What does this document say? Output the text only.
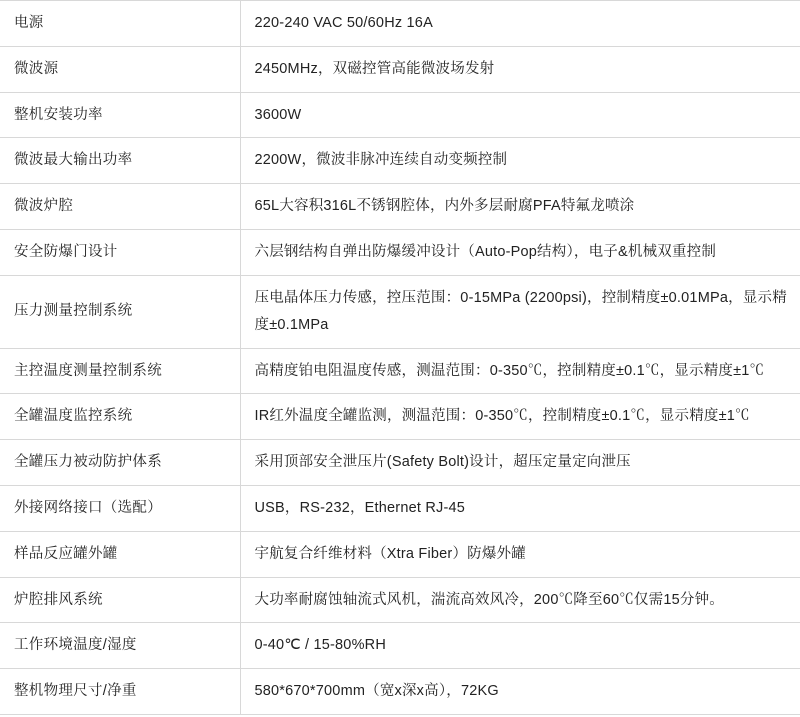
电源	220-240 VAC 50/60Hz 16A
微波源	2450MHz，双磁控管高能微波场发射
整机安装功率	3600W
微波最大输出功率	2200W，微波非脉冲连续自动变频控制
微波炉腔	65L大容积316L不锈钢腔体，内外多层耐腐PFA特氟龙喷涂
安全防爆门设计	六层钢结构自弹出防爆缓冲设计（Auto-Pop结构），电子&机械双重控制
压力测量控制系统	压电晶体压力传感，控压范围：0-15MPa (2200psi)，控制精度±0.01MPa，显示精度±0.1MPa
主控温度测量控制系统	高精度铂电阻温度传感，测温范围：0-350℃，控制精度±0.1℃，显示精度±1℃
全罐温度监控系统	IR红外温度全罐监测，测温范围：0-350℃，控制精度±0.1℃，显示精度±1℃
全罐压力被动防护体系	采用顶部安全泄压片(Safety Bolt)设计，超压定量定向泄压
外接网络接口（选配）	USB，RS-232，Ethernet RJ-45
样品反应罐外罐	宇航复合纤维材料（Xtra Fiber）防爆外罐
炉腔排风系统	大功率耐腐蚀轴流式风机，湍流高效风冷，200℃降至60℃仅需15分钟。
工作环境温度/湿度	0-40℃ / 15-80%RH
整机物理尺寸/净重	580*670*700mm（宽x深x高），72KG
